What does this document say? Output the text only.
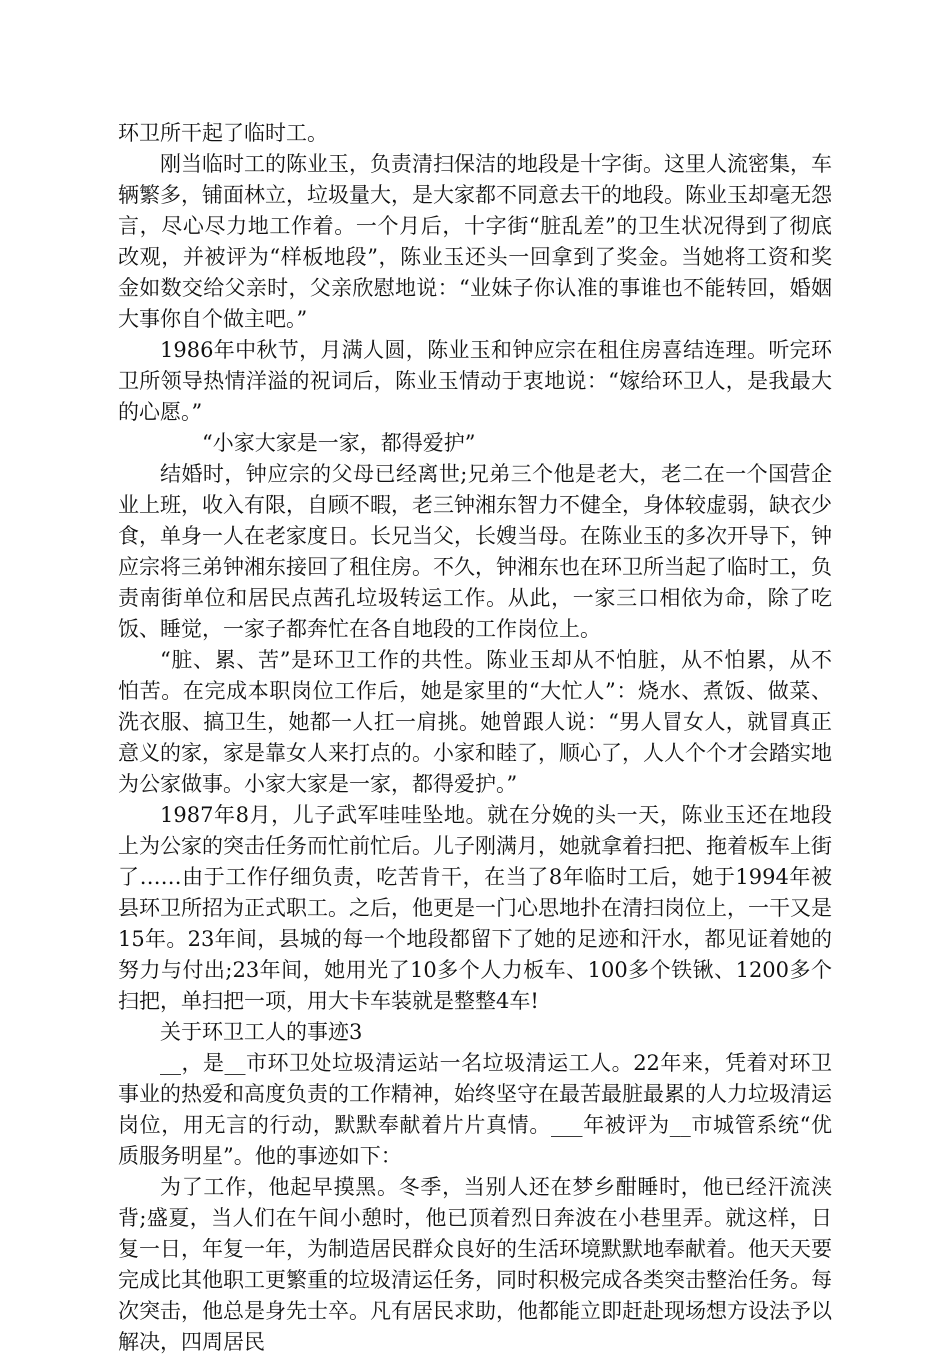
环卫所干起了临时工。

刚当临时工的陈业玉，负责清扫保洁的地段是十字街。这里人流密集，车辆繁多，铺面林立，垃圾量大，是大家都不同意去干的地段。陈业玉却毫无怨言，尽心尽力地工作着。一个月后，十字街“脏乱差”的卫生状况得到了彻底改观，并被评为“样板地段”，陈业玉还头一回拿到了奖金。当她将工资和奖金如数交给父亲时，父亲欣慰地说：“业妹子你认准的事谁也不能转回，婚姻大事你自个做主吧。”

1986年中秋节，月满人圆，陈业玉和钟应宗在租住房喜结连理。听完环卫所领导热情洋溢的祝词后，陈业玉情动于衷地说：“嫁给环卫人，是我最大的心愿。”

“小家大家是一家，都得爱护”

结婚时，钟应宗的父母已经离世;兄弟三个他是老大，老二在一个国营企业上班，收入有限，自顾不暇，老三钟湘东智力不健全，身体较虚弱，缺衣少食，单身一人在老家度日。长兄当父，长嫂当母。在陈业玉的多次开导下，钟应宗将三弟钟湘东接回了租住房。不久，钟湘东也在环卫所当起了临时工，负责南街单位和居民点茜孔垃圾转运工作。从此，一家三口相依为命，除了吃饭、睡觉，一家子都奔忙在各自地段的工作岗位上。

“脏、累、苦”是环卫工作的共性。陈业玉却从不怕脏，从不怕累，从不怕苦。在完成本职岗位工作后，她是家里的“大忙人”：烧水、煮饭、做菜、洗衣服、搞卫生，她都一人扛一肩挑。她曾跟人说：“男人冒女人，就冒真正意义的家，家是靠女人来打点的。小家和睦了，顺心了，人人个个才会踏实地为公家做事。小家大家是一家，都得爱护。”

1987年8月，儿子武军哇哇坠地。就在分娩的头一天，陈业玉还在地段上为公家的突击任务而忙前忙后。儿子刚满月，她就拿着扫把、拖着板车上街了……由于工作仔细负责，吃苦肯干，在当了8年临时工后，她于1994年被县环卫所招为正式职工。之后，他更是一门心思地扑在清扫岗位上，一干又是15年。23年间，县城的每一个地段都留下了她的足迹和汗水，都见证着她的努力与付出;23年间，她用光了10多个人力板车、100多个铁锹、1200多个扫把，单扫把一项，用大卡车装就是整整4车!

关于环卫工人的事迹3

__，是__市环卫处垃圾清运站一名垃圾清运工人。22年来，凭着对环卫事业的热爱和高度负责的工作精神，始终坚守在最苦最脏最累的人力垃圾清运岗位，用无言的行动，默默奉献着片片真情。___年被评为__市城管系统“优质服务明星”。他的事迹如下：

为了工作，他起早摸黑。冬季，当别人还在梦乡酣睡时，他已经汗流浃背;盛夏，当人们在午间小憩时，他已顶着烈日奔波在小巷里弄。就这样，日复一日，年复一年，为制造居民群众良好的生活环境默默地奉献着。他天天要完成比其他职工更繁重的垃圾清运任务，同时积极完成各类突击整治任务。每次突击，他总是身先士卒。凡有居民求助，他都能立即赶赴现场想方设法予以解决，四周居民
